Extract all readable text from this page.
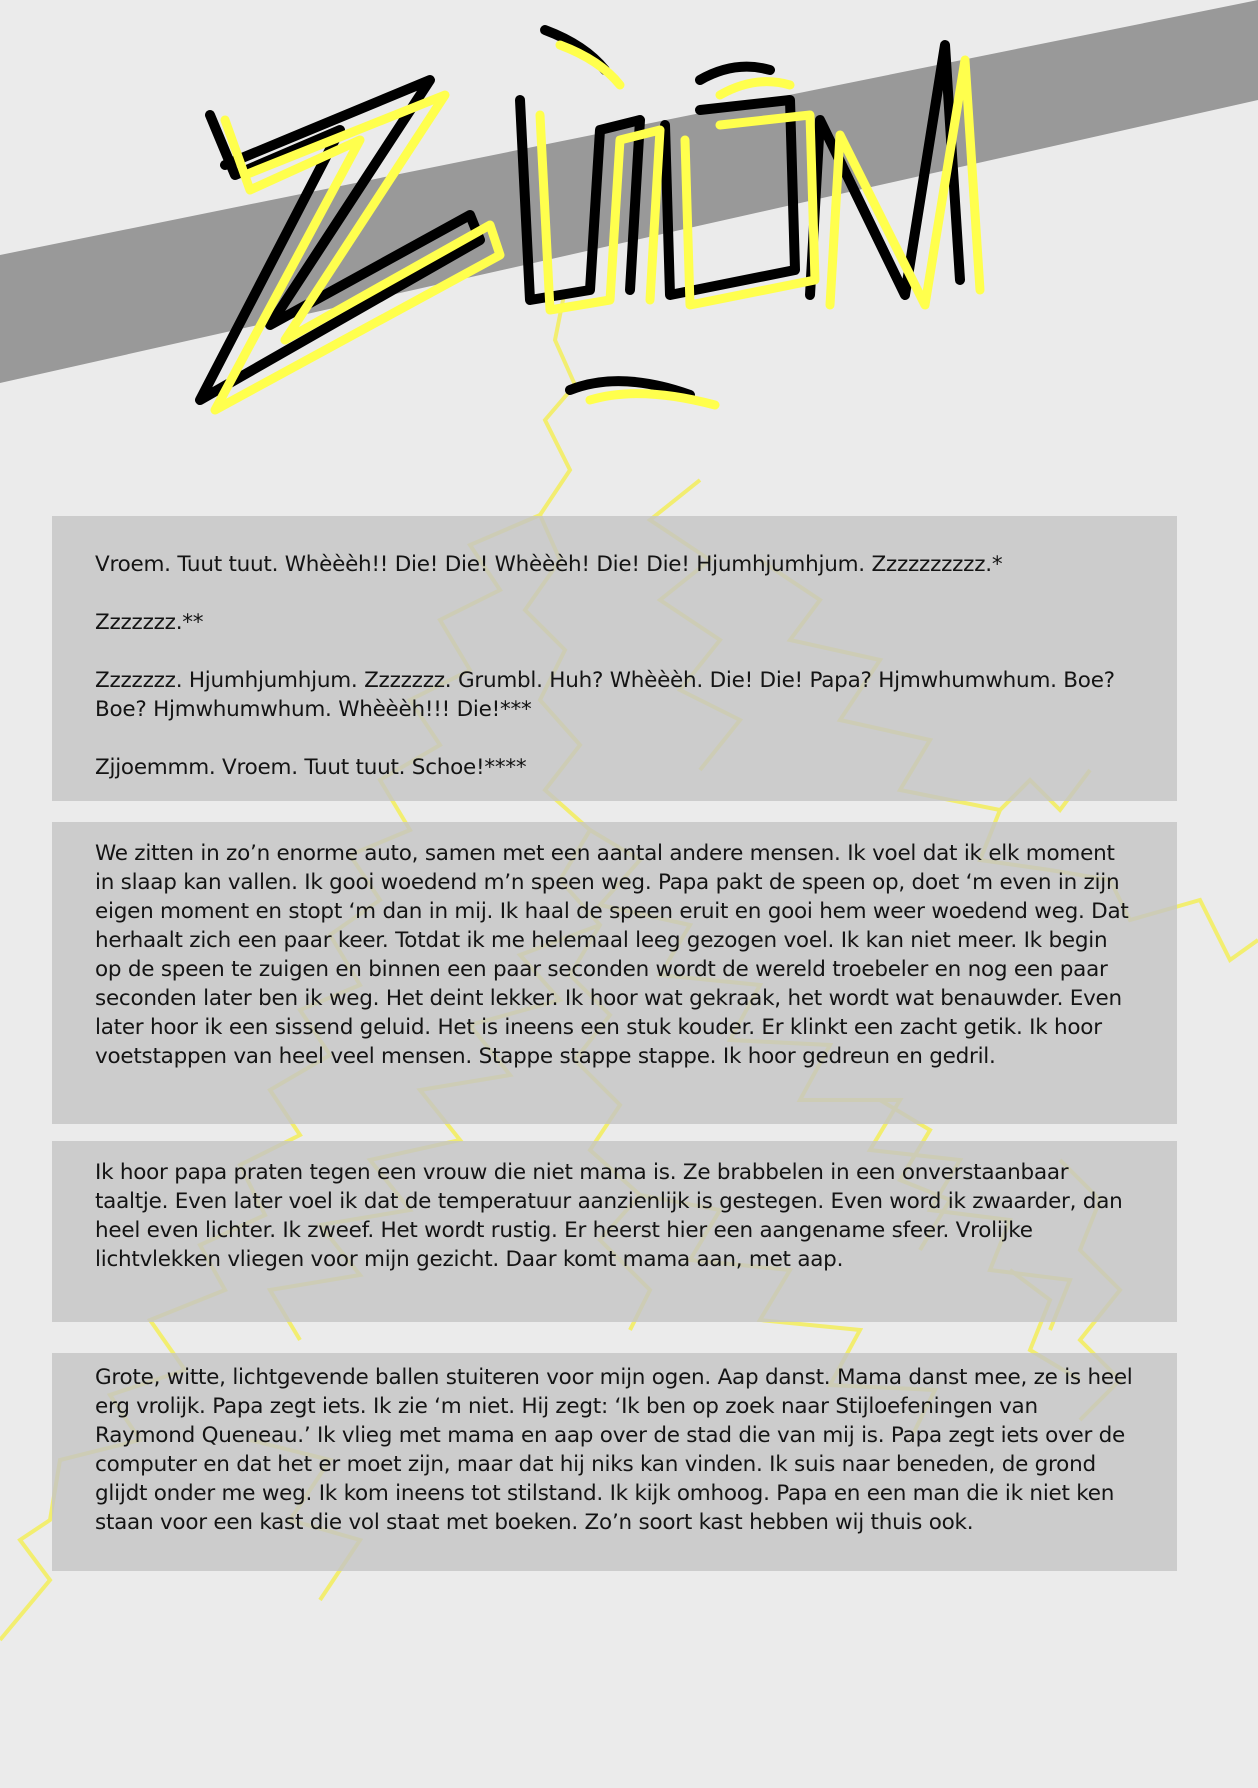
Vroem. Tuut tuut. Whèèèh!! Die! Die! Whèèèh! Die! Die! Hjumhjumhjum. Zzzzzzzzzz.*

Zzzzzzz.**

Zzzzzzz. Hjumhjumhjum. Zzzzzzz. Grumbl. Huh? Whèèèh. Die! Die! Papa? Hjmwhumwhum. Boe?Boe? Hjmwhumwhum. Whèèèh!!! Die!***

Zjjoemmm. Vroem. Tuut tuut. Schoe!****

We zitten in zo’n enorme auto, samen met een aantal andere mensen. Ik voel dat ik elk moment in slaap kan vallen. Ik gooi woedend m’n speen weg. Papa pakt de speen op, doet ‘m even in zijn eigen moment en stopt ‘m dan in mij. Ik haal de speen eruit en gooi hem weer woedend weg. Dat herhaalt zich een paar keer. Totdat ik me helemaal leeg gezogen voel. Ik kan niet meer. Ik begin op de speen te zuigen en binnen een paar seconden wordt de wereld troebeler en nog een paar seconden later ben ik weg. Het deint lekker. Ik hoor wat gekraak, het wordt wat benauwder. Even later hoor ik een sissend geluid. Het is ineens een stuk kouder. Er klinkt een zacht getik. Ik hoor voetstappen van heel veel mensen. Stappe stappe stappe. Ik hoor gedreun en gedril.

Ik hoor papa praten tegen een vrouw die niet mama is. Ze brabbelen in een onverstaanbaar taaltje. Even later voel ik dat de temperatuur aanzienlijk is gestegen. Even word ik zwaarder, dan heel even lichter. Ik zweef. Het wordt rustig. Er heerst hier een aangename sfeer. Vrolijke lichtvlekken vliegen voor mijn gezicht. Daar komt mama aan, met aap.

Grote, witte, lichtgevende ballen stuiteren voor mijn ogen. Aap danst. Mama danst mee, ze is heel erg vrolijk. Papa zegt iets. Ik zie ‘m niet. Hij zegt: ‘Ik ben op zoek naar Stijloefeningen van Raymond Queneau.’ Ik vlieg met mama en aap over de stad die van mij is. Papa zegt iets over de computer en dat het er moet zijn, maar dat hij niks kan vinden. Ik suis naar beneden, de grond glijdt onder me weg. Ik kom ineens tot stilstand. Ik kijk omhoog. Papa en een man die ik niet ken staan voor een kast die vol staat met boeken. Zo’n soort kast hebben wij thuis ook.
